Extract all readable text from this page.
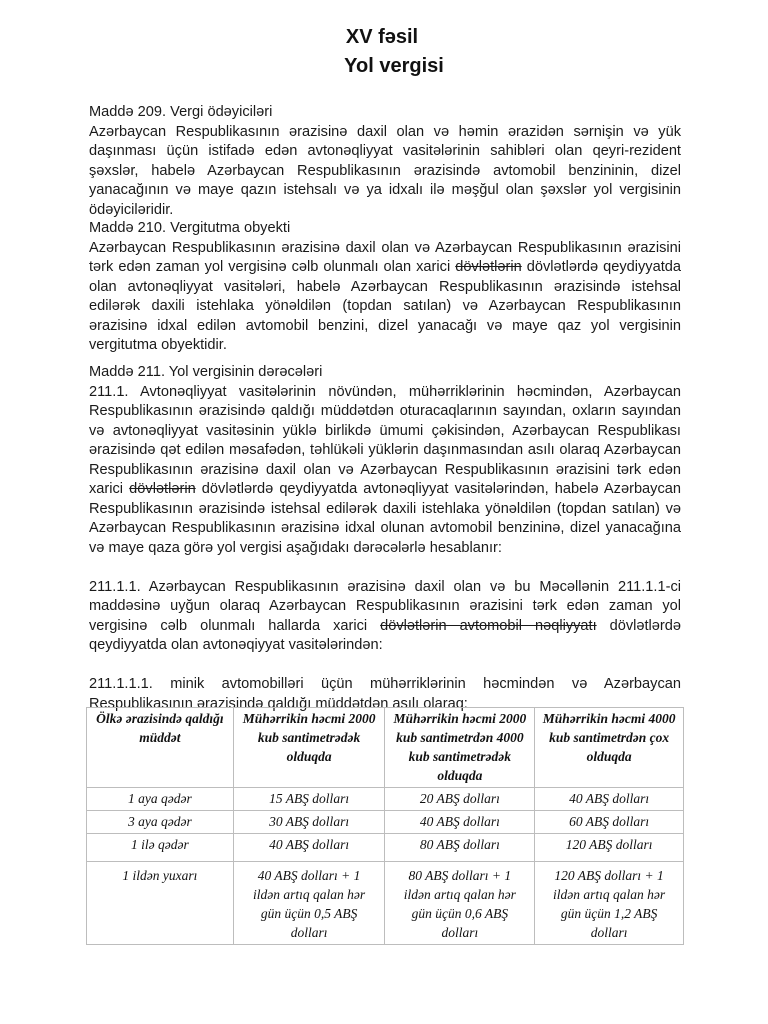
XV fəsil
Yol vergisi

Maddə 209. Vergi ödəyiciləri

Azərbaycan Respublikasının ərazisinə daxil olan və həmin ərazidən sərnişin və yük daşınması üçün istifadə edən avtonəqliyyat vasitələrinin sahibləri olan qeyri-rezident şəxslər, habelə Azərbaycan Respublikasının ərazisində avtomobil benzininin, dizel yanacağının və maye qazın istehsalı və ya idxalı ilə məşğul olan şəxslər yol vergisinin ödəyiciləridir.

Maddə 210. Vergitutma obyekti

Azərbaycan Respublikasının ərazisinə daxil olan və Azərbaycan Respublikasının ərazisini tərk edən zaman yol vergisinə cəlb olunmalı olan xarici dövlətlərin dövlətlərdə qeydiyyatda olan avtonəqliyyat vasitələri, habelə Azərbaycan Respublikasının ərazisində istehsal edilərək daxili istehlaka yönəldilən (topdan satılan) və Azərbaycan Respublikasının ərazisinə idxal edilən avtomobil benzini, dizel yanacağı və maye qaz yol vergisinin vergitutma obyektidir.

Maddə 211. Yol vergisinin dərəcələri

211.1. Avtonəqliyyat vasitələrinin növündən, mühərriklərinin həcmindən, Azərbaycan Respublikasının ərazisində qaldığı müddətdən oturacaqlarının sayından, oxların sayından və avtonəqliyyat vasitəsinin yüklə birlikdə ümumi çəkisindən, Azərbaycan Respublikası ərazisində qət edilən məsafədən, təhlükəli yüklərin daşınmasından asılı olaraq Azərbaycan Respublikasının ərazisinə daxil olan və Azərbaycan Respublikasının ərazisini tərk edən xarici dövlətlərin dövlətlərdə qeydiyyatda avtonəqliyyat vasitələrindən, habelə Azərbaycan Respublikasının ərazisində istehsal edilərək daxili istehlaka yönəldilən (topdan satılan) və Azərbaycan Respublikasının ərazisinə idxal olunan avtomobil benzininə, dizel yanacağına və maye qaza görə yol vergisi aşağıdakı dərəcələrlə hesablanır:

211.1.1. Azərbaycan Respublikasının ərazisinə daxil olan və bu Məcəllənin 211.1.1-ci maddəsinə uyğun olaraq Azərbaycan Respublikasının ərazisini tərk edən zaman yol vergisinə cəlb olunmalı hallarda xarici dövlətlərin avtomobil nəqliyyatı dövlətlərdə qeydiyyatda olan avtonəqiyyat vasitələrindən:

211.1.1.1. minik avtomobilləri üçün mühərriklərinin həcmindən və Azərbaycan Respublikasının ərazisində qaldığı müddətdən asılı olaraq:

Ölkə ərazisində qaldığı müddət	Mühərrikin həcmi 2000 kub santimetrədək olduqda	Mühərrikin həcmi 2000 kub santimetrdən 4000 kub santimetrədək olduqda	Mühərrikin həcmi 4000 kub santimetrdən çox olduqda
1 aya qədər	15 ABŞ dolları	20 ABŞ dolları	40 ABŞ dolları
3 aya qədər	30 ABŞ dolları	40 ABŞ dolları	60 ABŞ dolları
1 ilə qədər	40 ABŞ dolları	80 ABŞ dolları	120 ABŞ dolları
1 ildən yuxarı	40 ABŞ dolları + 1 ildən artıq qalan hər gün üçün 0,5 ABŞ dolları	80 ABŞ dolları + 1 ildən artıq qalan hər gün üçün 0,6 ABŞ dolları	120 ABŞ dolları + 1 ildən artıq qalan hər gün üçün 1,2 ABŞ dolları
